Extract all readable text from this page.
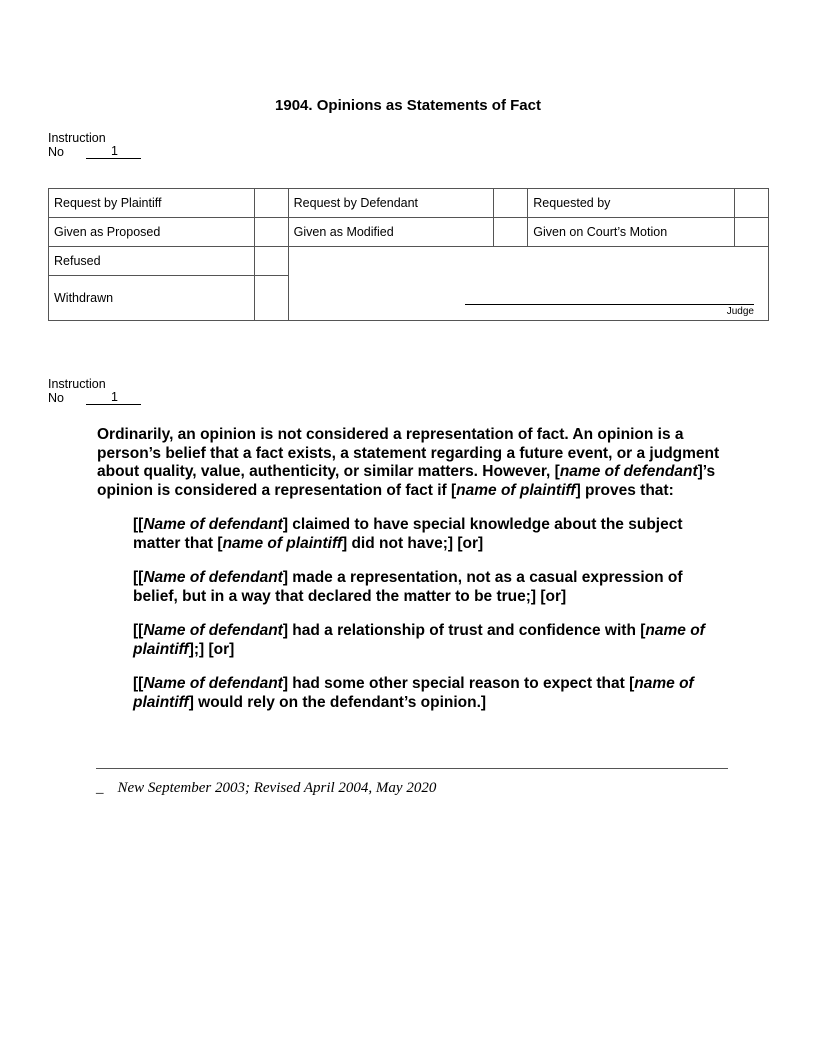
1904. Opinions as Statements of Fact
Instruction
No	1
Request by Plaintiff		Request by Defendant		Requested by	
Given as Proposed		Given as Modified		Given on Court’s Motion	
Refused		Judge			

Withdrawn					
Instruction
No	1

Ordinarily, an opinion is not considered a representation of fact. An opinion is a person’s belief that a fact exists, a statement regarding a future event, or a judgment about quality, value, authenticity, or similar matters. However, [name of defendant]’s opinion is considered a representation of fact if [name of plaintiff] proves that:

[[Name of defendant] claimed to have special knowledge about the subject matter that [name of plaintiff] did not have;] [or]

[[Name of defendant] made a representation, not as a casual expression of belief, but in a way that declared the matter to be true;] [or]

[[Name of defendant] had a relationship of trust and confidence with [name of plaintiff];] [or]

[[Name of defendant] had some other special reason to expect that [name of plaintiff] would rely on the defendant’s opinion.]

_ New September 2003; Revised April 2004, May 2020
